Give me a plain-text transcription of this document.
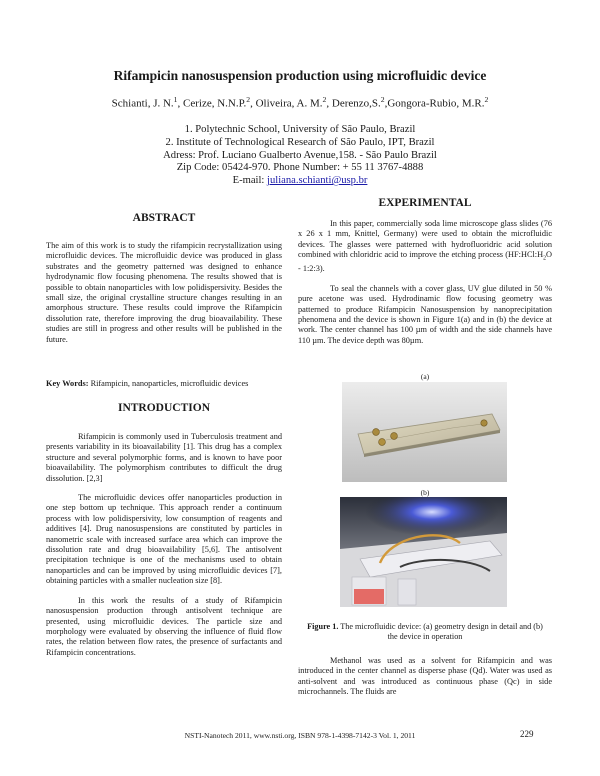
Rifampicin nanosuspension production using microfluidic device
Schianti, J. N.$^1$, Cerize, N.N.P.$^2$, Oliveira, A. M.$^2$, Derenzo,S.$^2$,Gongora-Rubio, M.R.$^2$
1. Polytechnic School, University of São Paulo, Brazil
2. Institute of Technological Research of São Paulo, IPT, Brazil
Adress: Prof. Luciano Gualberto Avenue,158. - São Paulo Brazil
Zip Code: 05424-970. Phone Number: + 55 11 3767-4888
E-mail: juliana.schianti@usp.br
ABSTRACT

The aim of this work is to study the rifampicin recrystallization using microfluidic devices. The microfluidic device was produced in glass substrates and the geometry patterned was designed to enhance hydrodynamic flow focusing phenomena. The results showed that is possible to obtain nanoparticles with low polidispersivity. Besides the small size, the original crystalline structure changes resulting in an amorphous structure. These results could improve the Rifampicin dissolution rate, therefore improving the drug bioavailability. These studies are still in progress and other results will be published in the future.

Key Words: Rifampicin, nanoparticles, microfluidic devices
INTRODUCTION

Rifampicin is commonly used in Tuberculosis treatment and presents variability in its bioavailability [1]. This drug has a complex structure and several polymorphic forms, and is known to have poor bioavailability. The polymorphism contributes to difficult the drug dissolution. [2,3]

The microfluidic devices offer nanoparticles production in one step bottom up technique. This approach render a continuum process with low polidispersivity, low consumption of reagents and additives [4]. Drug nanosuspensions are constituted by particles in nanometric scale with increased surface area which can improve the dissolution rate and drug bioavailability [5,6]. The antisolvent precipitation technique is one of the mechanisms used to obtain nanoparticles and can be improved by using microfluidic devices [7], obtaining particles with a smaller nucleation size [8].

In this work the results of a study of Rifampicin nanosuspension production through antisolvent technique are presented, using microfluidic devices. The particle size and morphology were evaluated by observing the influence of fluid flow rates, the relation between flow rates, the presence of surfactants and Rifampicin concentrations.

EXPERIMENTAL

In this paper, commercially soda lime microscope glass slides (76 x 26 x 1 mm, Knittel, Germany) were used to obtain the microfluidic devices. The glasses were patterned with hydrofluoridric acid solution combined with chloridric acid to improve the etching process ($HF:HCl:H_2O$ - 1:2:3).

To seal the channels with a cover glass, UV glue diluted in 50 % pure acetone was used. Hydrodinamic flow focusing geometry was patterned to produce Rifampicin Nanosuspension by nanoprecipitation phenomena and the device is shown in Figure 1(a) and in (b) the device at work. The center channel has 100 µm of width and the side channels have 110 µm. The device depth was 80µm.

(a)
(b)
Figure 1. The microfluidic device: (a) geometry design in detail and (b) the device in operation

Methanol was used as a solvent for Rifampicin and was introduced in the center channel as disperse phase (Qd). Water was used as anti-solvent and was introduced as continuous phase (Qc) in side microchannels. The fluids are

NSTI-Nanotech 2011, www.nsti.org, ISBN 978-1-4398-7142-3 Vol. 1, 2011	229
